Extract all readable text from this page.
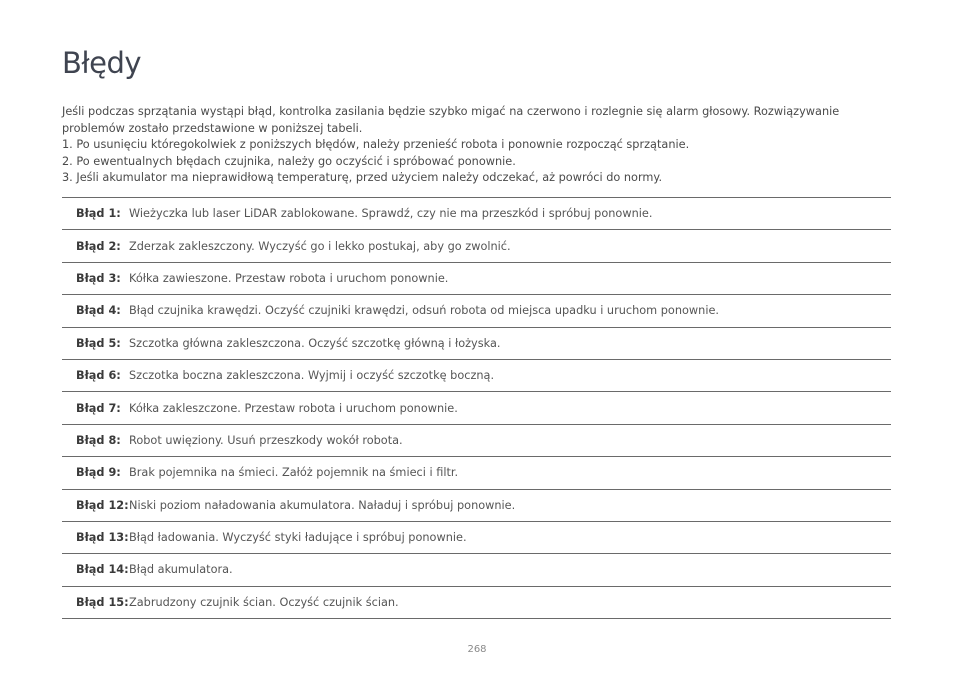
Błędy

Jeśli podczas sprzątania wystąpi błąd, kontrolka zasilania będzie szybko migać na czerwono i rozlegnie się alarm głosowy. Rozwiązywanie problemów zostało przedstawione w poniższej tabeli.

1. Po usunięciu któregokolwiek z poniższych błędów, należy przenieść robota i ponownie rozpocząć sprzątanie.

2. Po ewentualnych błędach czujnika, należy go oczyścić i spróbować ponownie.

3. Jeśli akumulator ma nieprawidłową temperaturę, przed użyciem należy odczekać, aż powróci do normy.

Błąd 1: Wieżyczka lub laser LiDAR zablokowane. Sprawdź, czy nie ma przeszkód i spróbuj ponownie.
Błąd 2: Zderzak zakleszczony. Wyczyść go i lekko postukaj, aby go zwolnić.
Błąd 3: Kółka zawieszone. Przestaw robota i uruchom ponownie.
Błąd 4: Błąd czujnika krawędzi. Oczyść czujniki krawędzi, odsuń robota od miejsca upadku i uruchom ponownie.
Błąd 5: Szczotka główna zakleszczona. Oczyść szczotkę główną i łożyska.
Błąd 6: Szczotka boczna zakleszczona. Wyjmij i oczyść szczotkę boczną.
Błąd 7: Kółka zakleszczone. Przestaw robota i uruchom ponownie.
Błąd 8: Robot uwięziony. Usuń przeszkody wokół robota.
Błąd 9: Brak pojemnika na śmieci. Załóż pojemnik na śmieci i filtr.
Błąd 12: Niski poziom naładowania akumulatora. Naładuj i spróbuj ponownie.
Błąd 13: Błąd ładowania. Wyczyść styki ładujące i spróbuj ponownie.
Błąd 14: Błąd akumulatora.
Błąd 15: Zabrudzony czujnik ścian. Oczyść czujnik ścian.
268
